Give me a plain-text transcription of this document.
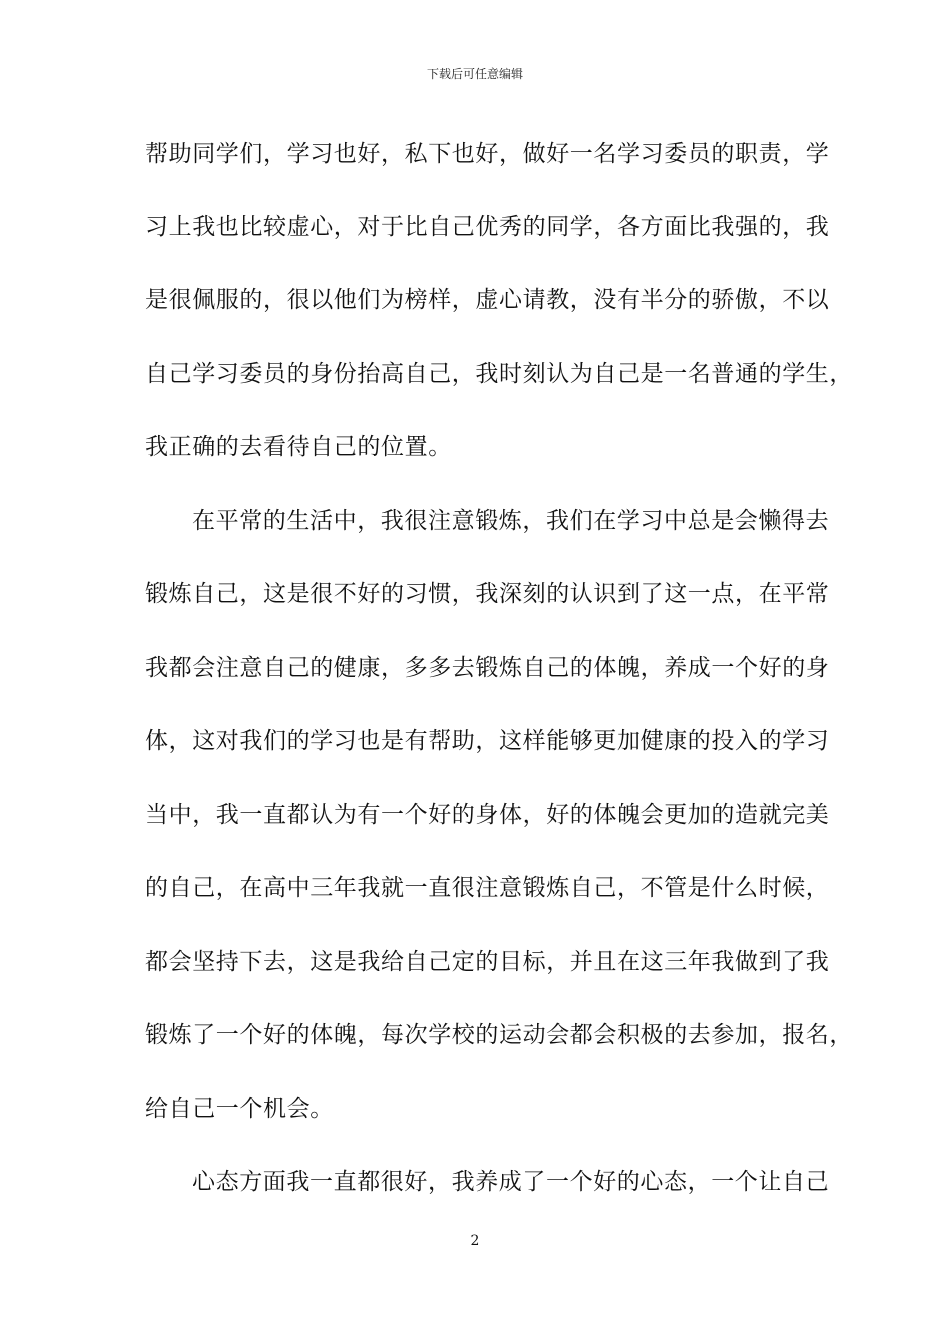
下载后可任意编辑
帮助同学们，学习也好，私下也好，做好一名学习委员的职责，学
习上我也比较虚心，对于比自己优秀的同学，各方面比我强的，我
是很佩服的，很以他们为榜样，虚心请教，没有半分的骄傲，不以
自己学习委员的身份抬高自己，我时刻认为自己是一名普通的学生，
我正确的去看待自己的位置。
在平常的生活中，我很注意锻炼，我们在学习中总是会懒得去
锻炼自己，这是很不好的习惯，我深刻的认识到了这一点，在平常
我都会注意自己的健康，多多去锻炼自己的体魄，养成一个好的身
体，这对我们的学习也是有帮助，这样能够更加健康的投入的学习
当中，我一直都认为有一个好的身体，好的体魄会更加的造就完美
的自己，在高中三年我就一直很注意锻炼自己，不管是什么时候，
都会坚持下去，这是我给自己定的目标，并且在这三年我做到了我
锻炼了一个好的体魄，每次学校的运动会都会积极的去参加，报名，
给自己一个机会。
心态方面我一直都很好，我养成了一个好的心态，一个让自己
2
